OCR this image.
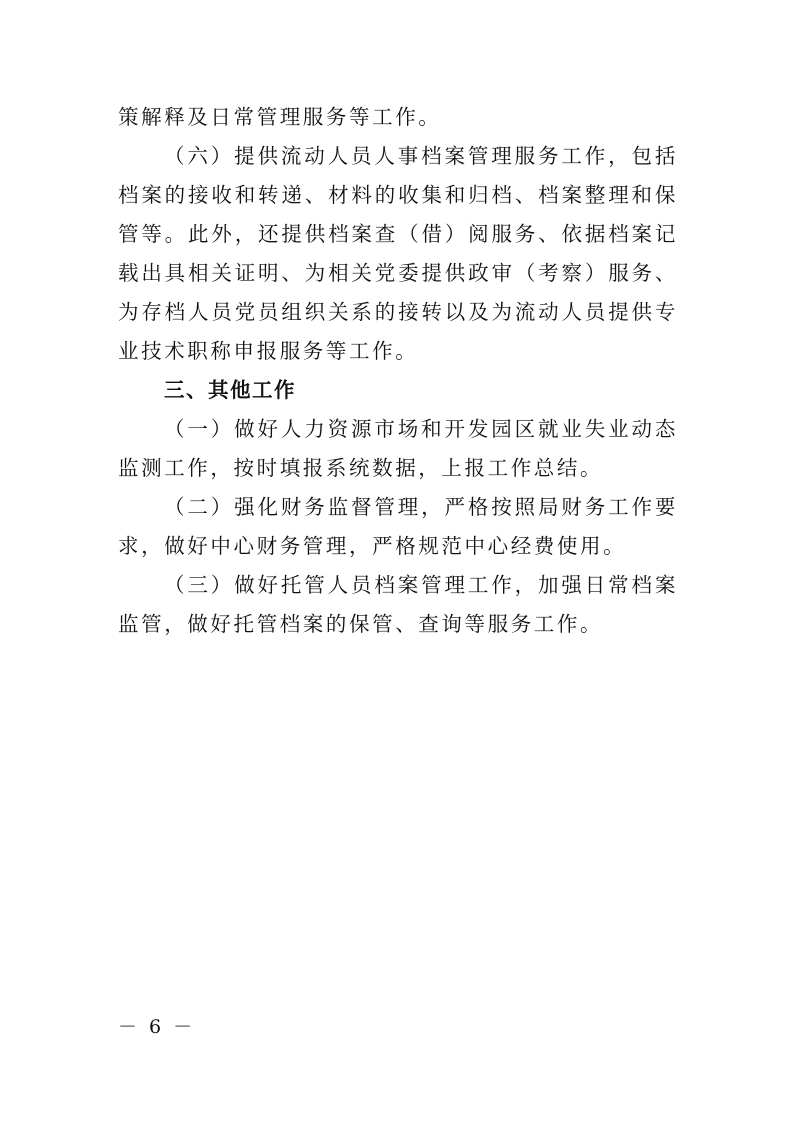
策解释及日常管理服务等工作。

（六）提供流动人员人事档案管理服务工作，包括档案的接收和转递、材料的收集和归档、档案整理和保管等。此外，还提供档案查（借）阅服务、依据档案记载出具相关证明、为相关党委提供政审（考察）服务、为存档人员党员组织关系的接转以及为流动人员提供专业技术职称申报服务等工作。

三、其他工作

（一）做好人力资源市场和开发园区就业失业动态监测工作，按时填报系统数据，上报工作总结。

（二）强化财务监督管理，严格按照局财务工作要求，做好中心财务管理，严格规范中心经费使用。

（三）做好托管人员档案管理工作，加强日常档案监管，做好托管档案的保管、查询等服务工作。

－ 6 －
